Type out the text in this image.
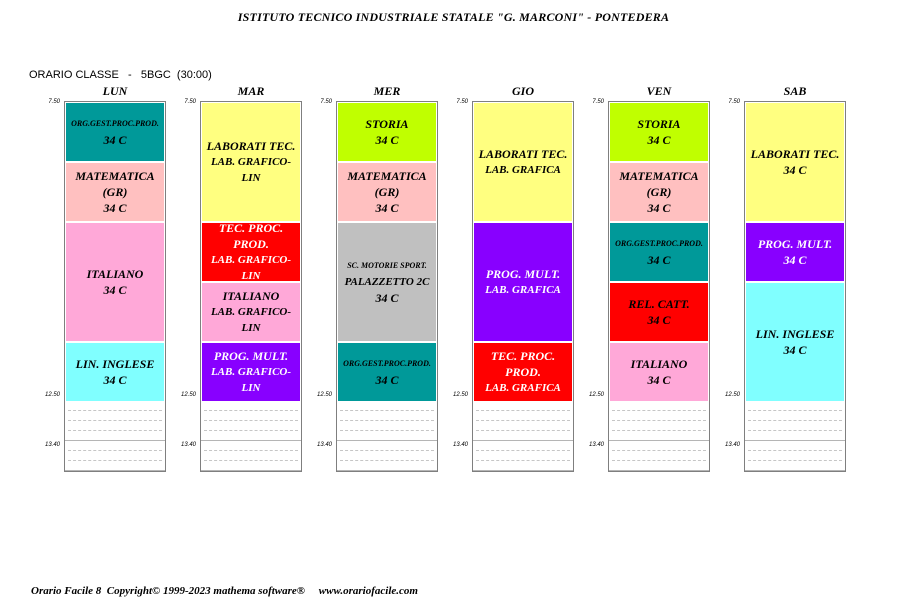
ISTITUTO TECNICO INDUSTRIALE STATALE "G. MARCONI" - PONTEDERA
ORARIO CLASSE   -   5BGC  (30:00)
LUN
ORG.GEST.PROC.PROD.
34 C
MATEMATICA (GR)
34 C
ITALIANO
34 C
LIN. INGLESE
34 C
7.50
12.50
13.40
MAR
LABORATI TEC.
LAB. GRAFICO-LIN
TEC. PROC. PROD.
LAB. GRAFICO-LIN
ITALIANO
LAB. GRAFICO-LIN
PROG. MULT.
LAB. GRAFICO-LIN
7.50
12.50
13.40
MER
STORIA
34 C
MATEMATICA (GR)
34 C
SC. MOTORIE SPORT.
PALAZZETTO 2C
34 C
ORG.GEST.PROC.PROD.
34 C
7.50
12.50
13.40
GIO
LABORATI TEC.
LAB. GRAFICA
PROG. MULT.
LAB. GRAFICA
TEC. PROC. PROD.
LAB. GRAFICA
7.50
12.50
13.40
VEN
STORIA
34 C
MATEMATICA (GR)
34 C
ORG.GEST.PROC.PROD.
34 C
REL. CATT.
34 C
ITALIANO
34 C
7.50
12.50
13.40
SAB
LABORATI TEC.
34 C
PROG. MULT.
34 C
LIN. INGLESE
34 C
7.50
12.50
13.40
Orario Facile 8  Copyright© 1999-2023 mathema software®     www.orariofacile.com
